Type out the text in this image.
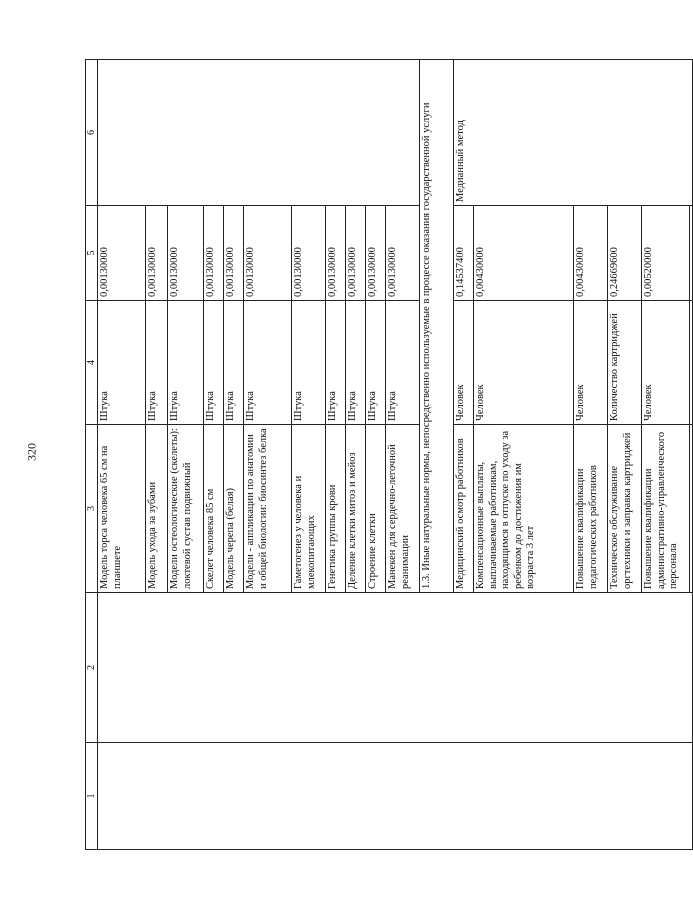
320
1	2	3	4	5	6
		Модель торса человека 65 см на планшете	Штука	0,00130000	
		Модель ухода за зубами	Штука	0,00130000	
		Модели остеологические (скелеты): локтевой сустав подвижный	Штука	0,00130000	
		Скелет человека 85 см	Штука	0,00130000	
		Модель черепа (белая)	Штука	0,00130000	
		Модели - аппликации по анатомии и общей биологии: биосинтез белка	Штука	0,00130000	
		Гаметогенез у человека и млекопитающих	Штука	0,00130000	
		Генетика группы крови	Штука	0,00130000	
		Деление клетки митоз и мейоз	Штука	0,00130000	
		Строение клетки	Штука	0,00130000	
		Манекен для сердечно-легочной реанимации	Штука	0,00130000	
		1.3. Иные натуральные нормы, непосредственно используемые в процессе оказания государственной услуги			
		Медицинский осмотр работников	Человек	0,14537400	Медианный метод
		Компенсационные выплаты, выплачиваемые работникам, находящимся в отпуске по уходу за ребенком до достижения им возраста 3 лет	Человек	0,00430000	
		Повышение квалификации педагогических работников	Человек	0,00430000	
		Техническое обслуживание оргтехники и заправка картриджей	Количество картриджей	0,24669600	
		Повышение квалификации административно-управленческого персонала	Человек	0,00520000	
